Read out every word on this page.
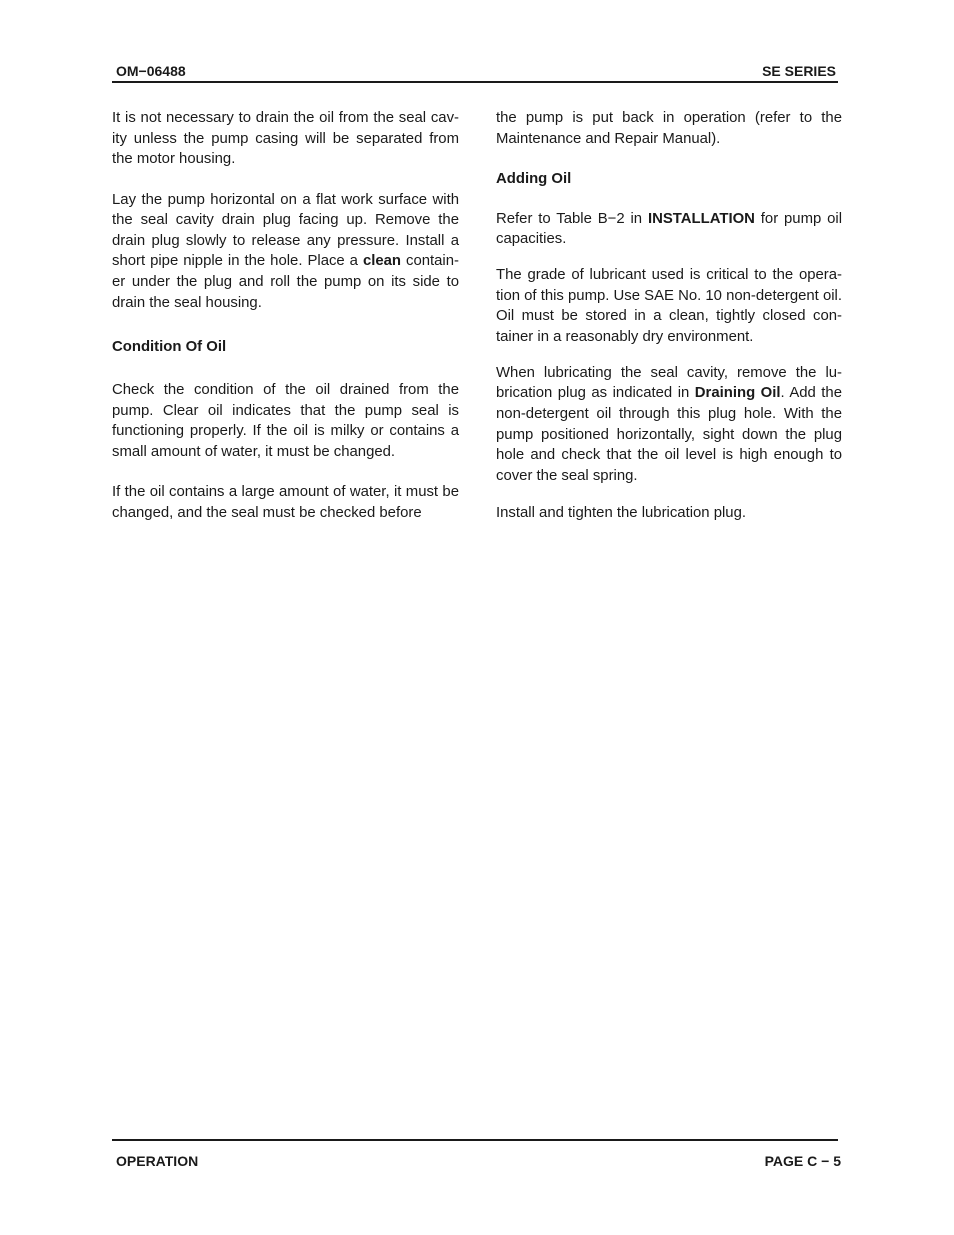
OM−06488	SE SERIES

It is not necessary to drain the oil from the seal cav- ity unless the pump casing will be separated from the motor housing.

Lay the pump horizontal on a flat work surface with the seal cavity drain plug facing up. Remove the drain plug slowly to release any pressure. Install a short pipe nipple in the hole. Place a clean contain- er under the plug and roll the pump on its side to drain the seal housing.

Condition Of Oil

Check the condition of the oil drained from the pump. Clear oil indicates that the pump seal is functioning properly. If the oil is milky or contains a small amount of water, it must be changed.

If the oil contains a large amount of water, it must be changed, and the seal must be checked before

the pump is put back in operation (refer to the Maintenance and Repair Manual).

Adding Oil

Refer to Table B−2 in INSTALLATION for pump oil capacities.

The grade of lubricant used is critical to the opera- tion of this pump. Use SAE No. 10 non-detergent oil. Oil must be stored in a clean, tightly closed con- tainer in a reasonably dry environment.

When lubricating the seal cavity, remove the lu- brication plug as indicated in Draining Oil. Add the non-detergent oil through this plug hole. With the pump positioned horizontally, sight down the plug hole and check that the oil level is high enough to cover the seal spring.

Install and tighten the lubrication plug.

OPERATION	PAGE C − 5
